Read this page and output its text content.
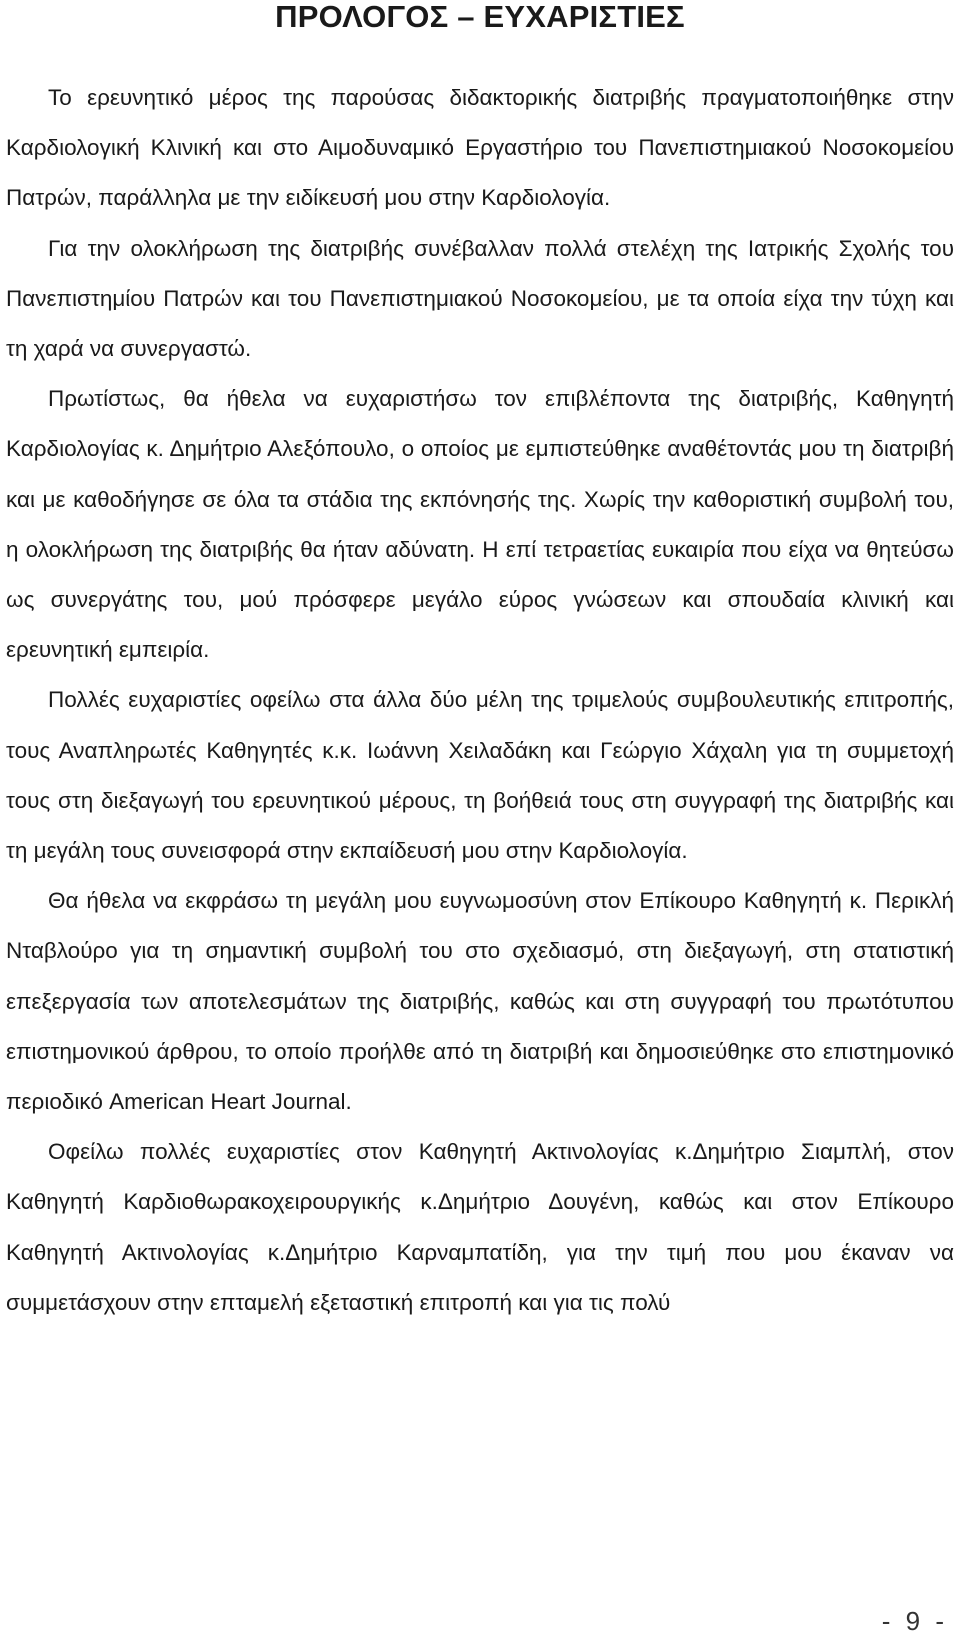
ΠΡΟΛΟΓΟΣ – ΕΥΧΑΡΙΣΤΙΕΣ

Το ερευνητικό μέρος της παρούσας διδακτορικής διατριβής πραγματοποιήθηκε στην Καρδιολογική Κλινική και στο Αιμοδυναμικό Εργαστήριο του Πανεπιστημιακού Νοσοκομείου Πατρών, παράλληλα με την ειδίκευσή μου στην Καρδιολογία.

Για την ολοκλήρωση της διατριβής συνέβαλλαν πολλά στελέχη της Ιατρικής Σχολής του Πανεπιστημίου Πατρών και του Πανεπιστημιακού Νοσοκομείου, με τα οποία είχα την τύχη και τη χαρά να συνεργαστώ.

Πρωτίστως, θα ήθελα να ευχαριστήσω τον επιβλέποντα της διατριβής, Καθηγητή Καρδιολογίας κ. Δημήτριο Αλεξόπουλο, ο οποίος με εμπιστεύθηκε αναθέτοντάς μου τη διατριβή και με καθοδήγησε σε όλα τα στάδια της εκπόνησής της. Χωρίς την καθοριστική συμβολή του, η ολοκλήρωση της διατριβής θα ήταν αδύνατη. Η επί τετραετίας ευκαιρία που είχα να θητεύσω ως συνεργάτης του, μού πρόσφερε μεγάλο εύρος γνώσεων και σπουδαία κλινική και ερευνητική εμπειρία.

Πολλές ευχαριστίες οφείλω στα άλλα δύο μέλη της τριμελούς συμβουλευτικής επιτροπής, τους Αναπληρωτές Καθηγητές κ.κ. Ιωάννη Χειλαδάκη και Γεώργιο Χάχαλη για τη συμμετοχή τους στη διεξαγωγή του ερευνητικού μέρους, τη βοήθειά τους στη συγγραφή της διατριβής και τη μεγάλη τους συνεισφορά στην εκπαίδευσή μου στην Καρδιολογία.

Θα ήθελα να εκφράσω τη μεγάλη μου ευγνωμοσύνη στον Επίκουρο Καθηγητή κ. Περικλή Νταβλούρο για τη σημαντική συμβολή του στο σχεδιασμό, στη διεξαγωγή, στη στατιστική επεξεργασία των αποτελεσμάτων της διατριβής, καθώς και στη συγγραφή του πρωτότυπου επιστημονικού άρθρου, το οποίο προήλθε από τη διατριβή και δημοσιεύθηκε στο επιστημονικό περιοδικό American Heart Journal.

Οφείλω πολλές ευχαριστίες στον Καθηγητή Ακτινολογίας κ.Δημήτριο Σιαμπλή, στον Καθηγητή Καρδιοθωρακοχειρουργικής κ.Δημήτριο Δουγένη, καθώς και στον Επίκουρο Καθηγητή Ακτινολογίας κ.Δημήτριο Καρναμπατίδη, για την τιμή που μου έκαναν να συμμετάσχουν στην επταμελή εξεταστική επιτροπή και για τις πολύ

- 9 -
